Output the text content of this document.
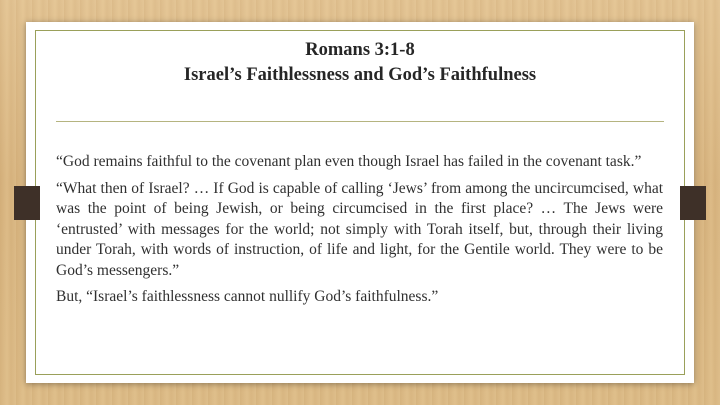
Romans 3:1-8
Israel’s Faithlessness and God’s Faithfulness

“God remains faithful to the covenant plan even though Israel has failed in the covenant task.”

“What then of Israel? … If God is capable of calling ‘Jews’ from among the uncircumcised, what was the point of being Jewish, or being circumcised in the first place? … The Jews were ‘entrusted’ with messages for the world; not simply with Torah itself, but, through their living under Torah, with words of instruction, of life and light, for the Gentile world. They were to be God’s messengers.”

But, “Israel’s faithlessness cannot nullify God’s faithfulness.”
